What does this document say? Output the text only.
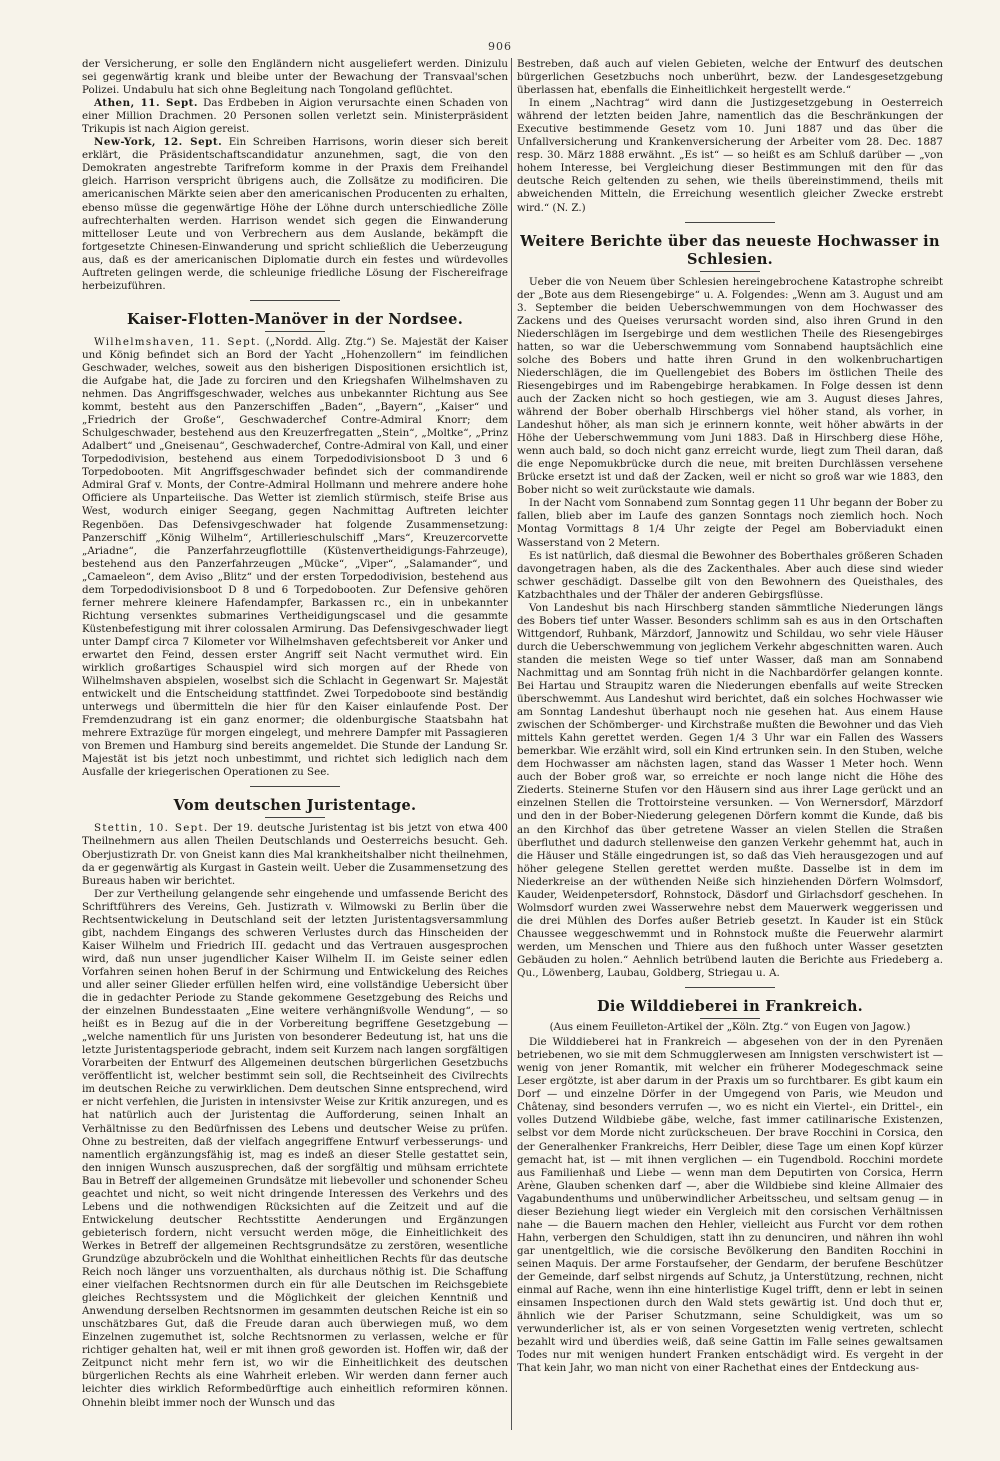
906

der Versicherung, er solle den Engländern nicht ausgeliefert werden. Dinizulu sei gegenwärtig krank und bleibe unter der Bewachung der Transvaal'schen Polizei. Undabulu hat sich ohne Begleitung nach Tongoland geflüchtet.

Athen, 11. Sept. Das Erdbeben in Aigion verursachte einen Schaden von einer Million Drachmen. 20 Personen sollen verletzt sein. Ministerpräsident Trikupis ist nach Aigion gereist.

New-York, 12. Sept. Ein Schreiben Harrisons, worin dieser sich bereit erklärt, die Präsidentschaftscandidatur anzunehmen, sagt, die von den Demokraten angestrebte Tarifreform komme in der Praxis dem Freihandel gleich. Harrison verspricht übrigens auch, die Zollsätze zu modificiren. Die americanischen Märkte seien aber den americanischen Producenten zu erhalten, ebenso müsse die gegenwärtige Höhe der Löhne durch unterschiedliche Zölle aufrechterhalten werden. Harrison wendet sich gegen die Einwanderung mittelloser Leute und von Verbrechern aus dem Auslande, bekämpft die fortgesetzte Chinesen-Einwanderung und spricht schließlich die Ueberzeugung aus, daß es der americanischen Diplomatie durch ein festes und würdevolles Auftreten gelingen werde, die schleunige friedliche Lösung der Fischereifrage herbeizuführen.

Kaiser-Flotten-Manöver in der Nordsee.

Wilhelmshaven, 11. Sept. („Nordd. Allg. Ztg.“) Se. Majestät der Kaiser und König befindet sich an Bord der Yacht „Hohenzollern“ im feindlichen Geschwader, welches, soweit aus den bisherigen Dispositionen ersichtlich ist, die Aufgabe hat, die Jade zu forciren und den Kriegshafen Wilhelmshaven zu nehmen. Das Angriffsgeschwader, welches aus unbekannter Richtung aus See kommt, besteht aus den Panzerschiffen „Baden“, „Bayern“, „Kaiser“ und „Friedrich der Große“, Geschwaderchef Contre-Admiral Knorr; dem Schulgeschwader, bestehend aus den Kreuzerfregatten „Stein“, „Moltke“, „Prinz Adalbert“ und „Gneisenau“, Geschwaderchef, Contre-Admiral von Kall, und einer Torpedodivision, bestehend aus einem Torpedodivisionsboot D 3 und 6 Torpedobooten. Mit Angriffsgeschwader befindet sich der commandirende Admiral Graf v. Monts, der Contre-Admiral Hollmann und mehrere andere hohe Officiere als Unparteiische. Das Wetter ist ziemlich stürmisch, steife Brise aus West, wodurch einiger Seegang, gegen Nachmittag Auftreten leichter Regenböen. Das Defensivgeschwader hat folgende Zusammensetzung: Panzerschiff „König Wilhelm“, Artillerieschulschiff „Mars“, Kreuzercorvette „Ariadne“, die Panzerfahrzeugflottille (Küstenvertheidigungs-Fahrzeuge), bestehend aus den Panzerfahrzeugen „Mücke“, „Viper“, „Salamander“, und „Camaeleon“, dem Aviso „Blitz“ und der ersten Torpedodivision, bestehend aus dem Torpedodivisionsboot D 8 und 6 Torpedobooten. Zur Defensive gehören ferner mehrere kleinere Hafendampfer, Barkassen rc., ein in unbekannter Richtung versenktes submarines Vertheidigungscasel und die gesammte Küstenbefestigung mit ihrer colossalen Armirung. Das Defensivgeschwader liegt unter Dampf circa 7 Kilometer vor Wilhelmshaven gefechtsbereit vor Anker und erwartet den Feind, dessen erster Angriff seit Nacht vermuthet wird. Ein wirklich großartiges Schauspiel wird sich morgen auf der Rhede von Wilhelmshaven abspielen, woselbst sich die Schlacht in Gegenwart Sr. Majestät entwickelt und die Entscheidung stattfindet. Zwei Torpedoboote sind beständig unterwegs und übermitteln die hier für den Kaiser einlaufende Post. Der Fremdenzudrang ist ein ganz enormer; die oldenburgische Staatsbahn hat mehrere Extrazüge für morgen eingelegt, und mehrere Dampfer mit Passagieren von Bremen und Hamburg sind bereits angemeldet. Die Stunde der Landung Sr. Majestät ist bis jetzt noch unbestimmt, und richtet sich lediglich nach dem Ausfalle der kriegerischen Operationen zu See.

Vom deutschen Juristentage.

Stettin, 10. Sept. Der 19. deutsche Juristentag ist bis jetzt von etwa 400 Theilnehmern aus allen Theilen Deutschlands und Oesterreichs besucht. Geh. Oberjustizrath Dr. von Gneist kann dies Mal krankheitshalber nicht theilnehmen, da er gegenwärtig als Kurgast in Gastein weilt. Ueber die Zusammensetzung des Bureaus haben wir berichtet.

Der zur Vertheilung gelangende sehr eingehende und umfassende Bericht des Schriftführers des Vereins, Geh. Justizrath v. Wilmowski zu Berlin über die Rechtsentwickelung in Deutschland seit der letzten Juristentagsversammlung gibt, nachdem Eingangs des schweren Verlustes durch das Hinscheiden der Kaiser Wilhelm und Friedrich III. gedacht und das Vertrauen ausgesprochen wird, daß nun unser jugendlicher Kaiser Wilhelm II. im Geiste seiner edlen Vorfahren seinen hohen Beruf in der Schirmung und Entwickelung des Reiches und aller seiner Glieder erfüllen helfen wird, eine vollständige Uebersicht über die in gedachter Periode zu Stande gekommene Gesetzgebung des Reichs und der einzelnen Bundesstaaten „Eine weitere verhängnißvolle Wendung“, — so heißt es in Bezug auf die in der Vorbereitung begriffene Gesetzgebung — „welche namentlich für uns Juristen von besonderer Bedeutung ist, hat uns die letzte Juristentagsperiode gebracht, indem seit Kurzem nach langen sorgfältigen Vorarbeiten der Entwurf des Allgemeinen deutschen bürgerlichen Gesetzbuchs veröffentlicht ist, welcher bestimmt sein soll, die Rechtseinheit des Civilrechts im deutschen Reiche zu verwirklichen. Dem deutschen Sinne entsprechend, wird er nicht verfehlen, die Juristen in intensivster Weise zur Kritik anzuregen, und es hat natürlich auch der Juristentag die Aufforderung, seinen Inhalt an Verhältnisse zu den Bedürfnissen des Lebens und deutscher Weise zu prüfen. Ohne zu bestreiten, daß der vielfach angegriffene Entwurf verbesserungs- und namentlich ergänzungsfähig ist, mag es indeß an dieser Stelle gestattet sein, den innigen Wunsch auszusprechen, daß der sorgfältig und mühsam errichtete Bau in Betreff der allgemeinen Grundsätze mit liebevoller und schonender Scheu geachtet und nicht, so weit nicht dringende Interessen des Verkehrs und des Lebens und die nothwendigen Rücksichten auf die Zeitzeit und auf die Entwickelung deutscher Rechtsstitte Aenderungen und Ergänzungen gebieterisch fordern, nicht versucht werden möge, die Einheitlichkeit des Werkes in Betreff der allgemeinen Rechtsgrundsätze zu zerstören, wesentliche Grundzüge abzubröckeln und die Wohlthat einheitlichen Rechts für das deutsche Reich noch länger uns vorzuenthalten, als durchaus nöthig ist. Die Schaffung einer vielfachen Rechtsnormen durch ein für alle Deutschen im Reichsgebiete gleiches Rechtssystem und die Möglichkeit der gleichen Kenntniß und Anwendung derselben Rechtsnormen im gesammten deutschen Reiche ist ein so unschätzbares Gut, daß die Freude daran auch überwiegen muß, wo dem Einzelnen zugemuthet ist, solche Rechtsnormen zu verlassen, welche er für richtiger gehalten hat, weil er mit ihnen groß geworden ist. Hoffen wir, daß der Zeitpunct nicht mehr fern ist, wo wir die Einheitlichkeit des deutschen bürgerlichen Rechts als eine Wahrheit erleben. Wir werden dann ferner auch leichter dies wirklich Reformbedürftige auch einheitlich reformiren können. Ohnehin bleibt immer noch der Wunsch und das

Bestreben, daß auch auf vielen Gebieten, welche der Entwurf des deutschen bürgerlichen Gesetzbuchs noch unberührt, bezw. der Landesgesetzgebung überlassen hat, ebenfalls die Einheitlichkeit hergestellt werde.“

In einem „Nachtrag“ wird dann die Justizgesetzgebung in Oesterreich während der letzten beiden Jahre, namentlich das die Beschränkungen der Executive bestimmende Gesetz vom 10. Juni 1887 und das über die Unfallversicherung und Krankenversicherung der Arbeiter vom 28. Dec. 1887 resp. 30. März 1888 erwähnt. „Es ist“ — so heißt es am Schluß darüber — „von hohem Interesse, bei Vergleichung dieser Bestimmungen mit den für das deutsche Reich geltenden zu sehen, wie theils übereinstimmend, theils mit abweichenden Mitteln, die Erreichung wesentlich gleicher Zwecke erstrebt wird.“ (N. Z.)

Weitere Berichte über das neueste Hochwasser in Schlesien.

Ueber die von Neuem über Schlesien hereingebrochene Katastrophe schreibt der „Bote aus dem Riesengebirge“ u. A. Folgendes: „Wenn am 3. August und am 3. September die beiden Ueberschwemmungen von dem Hochwasser des Zackens und des Queises verursacht worden sind, also ihren Grund in den Niederschlägen im Isergebirge und dem westlichen Theile des Riesengebirges hatten, so war die Ueberschwemmung vom Sonnabend hauptsächlich eine solche des Bobers und hatte ihren Grund in den wolkenbruchartigen Niederschlägen, die im Quellengebiet des Bobers im östlichen Theile des Riesengebirges und im Rabengebirge herabkamen. In Folge dessen ist denn auch der Zacken nicht so hoch gestiegen, wie am 3. August dieses Jahres, während der Bober oberhalb Hirschbergs viel höher stand, als vorher, in Landeshut höher, als man sich je erinnern konnte, weit höher abwärts in der Höhe der Ueberschwemmung vom Juni 1883. Daß in Hirschberg diese Höhe, wenn auch bald, so doch nicht ganz erreicht wurde, liegt zum Theil daran, daß die enge Nepomukbrücke durch die neue, mit breiten Durchlässen versehene Brücke ersetzt ist und daß der Zacken, weil er nicht so groß war wie 1883, den Bober nicht so weit zurückstaute wie damals.

In der Nacht vom Sonnabend zum Sonntag gegen 11 Uhr begann der Bober zu fallen, blieb aber im Laufe des ganzen Sonntags noch ziemlich hoch. Noch Montag Vormittags 8 1/4 Uhr zeigte der Pegel am Boberviadukt einen Wasserstand von 2 Metern.

Es ist natürlich, daß diesmal die Bewohner des Boberthales größeren Schaden davongetragen haben, als die des Zackenthales. Aber auch diese sind wieder schwer geschädigt. Dasselbe gilt von den Bewohnern des Queisthales, des Katzbachthales und der Thäler der anderen Gebirgsflüsse.

Von Landeshut bis nach Hirschberg standen sämmtliche Niederungen längs des Bobers tief unter Wasser. Besonders schlimm sah es aus in den Ortschaften Wittgendorf, Ruhbank, Märzdorf, Jannowitz und Schildau, wo sehr viele Häuser durch die Ueberschwemmung von jeglichem Verkehr abgeschnitten waren. Auch standen die meisten Wege so tief unter Wasser, daß man am Sonnabend Nachmittag und am Sonntag früh nicht in die Nachbardörfer gelangen konnte. Bei Hartau und Straupitz waren die Niederungen ebenfalls auf weite Strecken überschwemmt. Aus Landeshut wird berichtet, daß ein solches Hochwasser wie am Sonntag Landeshut überhaupt noch nie gesehen hat. Aus einem Hause zwischen der Schömberger- und Kirchstraße mußten die Bewohner und das Vieh mittels Kahn gerettet werden. Gegen 1/4 3 Uhr war ein Fallen des Wassers bemerkbar. Wie erzählt wird, soll ein Kind ertrunken sein. In den Stuben, welche dem Hochwasser am nächsten lagen, stand das Wasser 1 Meter hoch. Wenn auch der Bober groß war, so erreichte er noch lange nicht die Höhe des Ziederts. Steinerne Stufen vor den Häusern sind aus ihrer Lage gerückt und an einzelnen Stellen die Trottoirsteine versunken. — Von Wernersdorf, Märzdorf und den in der Bober-Niederung gelegenen Dörfern kommt die Kunde, daß bis an den Kirchhof das über getretene Wasser an vielen Stellen die Straßen überfluthet und dadurch stellenweise den ganzen Verkehr gehemmt hat, auch in die Häuser und Ställe eingedrungen ist, so daß das Vieh herausgezogen und auf höher gelegene Stellen gerettet werden mußte. Dasselbe ist in dem im Niederkreise an der wüthenden Neiße sich hinziehenden Dörfern Wolmsdorf, Kauder, Weidenpetersdorf, Rohnstock, Däsdorf und Girlachsdorf geschehen. In Wolmsdorf wurden zwei Wasserwehre nebst dem Mauerwerk weggerissen und die drei Mühlen des Dorfes außer Betrieb gesetzt. In Kauder ist ein Stück Chaussee weggeschwemmt und in Rohnstock mußte die Feuerwehr alarmirt werden, um Menschen und Thiere aus den fußhoch unter Wasser gesetzten Gebäuden zu holen.“ Aehnlich betrübend lauten die Berichte aus Friedeberg a. Qu., Löwenberg, Laubau, Goldberg, Striegau u. A.

Die Wilddieberei in Frankreich.
(Aus einem Feuilleton-Artikel der „Köln. Ztg.“ von Eugen von Jagow.)

Die Wilddieberei hat in Frankreich — abgesehen von der in den Pyrenäen betriebenen, wo sie mit dem Schmugglerwesen am Innigsten verschwistert ist — wenig von jener Romantik, mit welcher ein früherer Modegeschmack seine Leser ergötzte, ist aber darum in der Praxis um so furchtbarer. Es gibt kaum ein Dorf — und einzelne Dörfer in der Umgegend von Paris, wie Meudon und Châtenay, sind besonders verrufen —, wo es nicht ein Viertel-, ein Drittel-, ein volles Dutzend Wildbiebe gäbe, welche, fast immer catilinarische Existenzen, selbst vor dem Morde nicht zurückscheuen. Der brave Rocchini in Corsica, den der Generalhenker Frankreichs, Herr Deibler, diese Tage um einen Kopf kürzer gemacht hat, ist — mit ihnen verglichen — ein Tugendbold. Rocchini mordete aus Familienhaß und Liebe — wenn man dem Deputirten von Corsica, Herrn Arène, Glauben schenken darf —, aber die Wildbiebe sind kleine Allmaier des Vagabundenthums und unüberwindlicher Arbeitsscheu, und seltsam genug — in dieser Beziehung liegt wieder ein Vergleich mit den corsischen Verhältnissen nahe — die Bauern machen den Hehler, vielleicht aus Furcht vor dem rothen Hahn, verbergen den Schuldigen, statt ihn zu denunciren, und nähren ihn wohl gar unentgeltlich, wie die corsische Bevölkerung den Banditen Rocchini in seinen Maquis. Der arme Forstaufseher, der Gendarm, der berufene Beschützer der Gemeinde, darf selbst nirgends auf Schutz, ja Unterstützung, rechnen, nicht einmal auf Rache, wenn ihn eine hinterlistige Kugel trifft, denn er lebt in seinen einsamen Inspectionen durch den Wald stets gewärtig ist. Und doch thut er, ähnlich wie der Pariser Schutzmann, seine Schuldigkeit, was um so verwunderlicher ist, als er von seinen Vorgesetzten wenig vertreten, schlecht bezahlt wird und überdies weiß, daß seine Gattin im Falle seines gewaltsamen Todes nur mit wenigen hundert Franken entschädigt wird. Es vergeht in der That kein Jahr, wo man nicht von einer Rachethat eines der Entdeckung aus-
